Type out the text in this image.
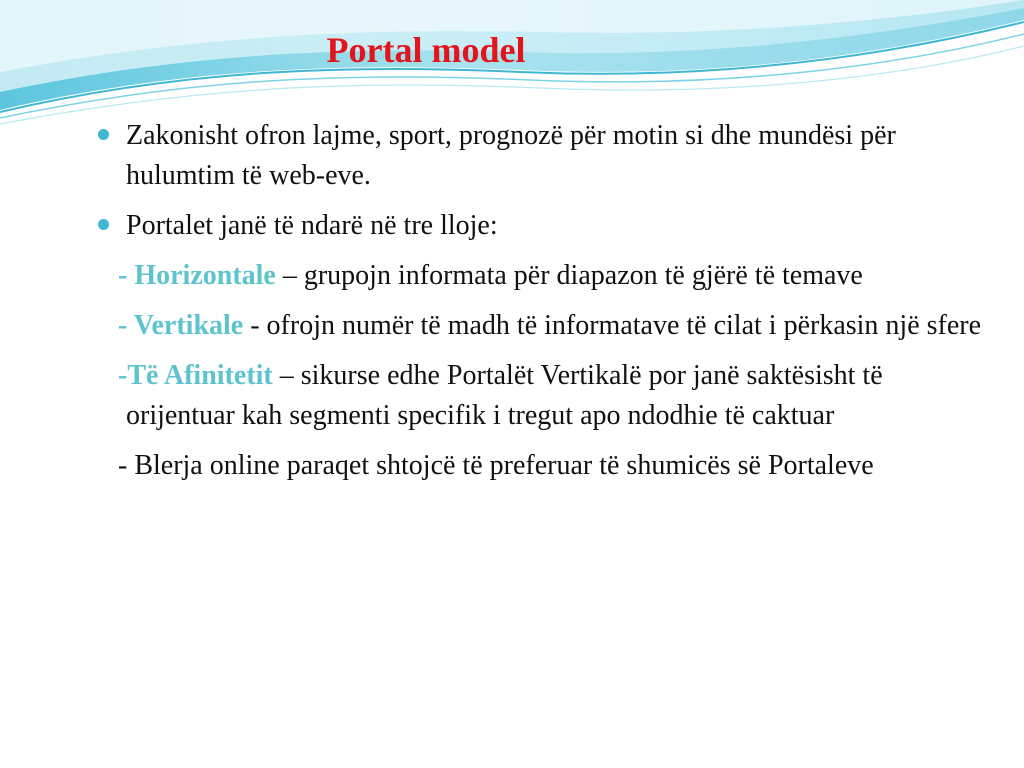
Portal model
Zakonisht ofron lajme, sport, prognozë për motin si dhe mundësi për hulumtim të web-eve.
Portalet janë të ndarë në tre lloje:
- Horizontale – grupojn informata për diapazon të gjërë të temave
- Vertikale - ofrojn numër të madh të informatave të cilat i përkasin një sfere
-Të Afinitetit – sikurse edhe Portalët Vertikalë por janë saktësisht të orijentuar kah segmenti specifik i tregut apo ndodhie të caktuar
- Blerja online paraqet shtojcë të preferuar të shumicës së Portaleve
